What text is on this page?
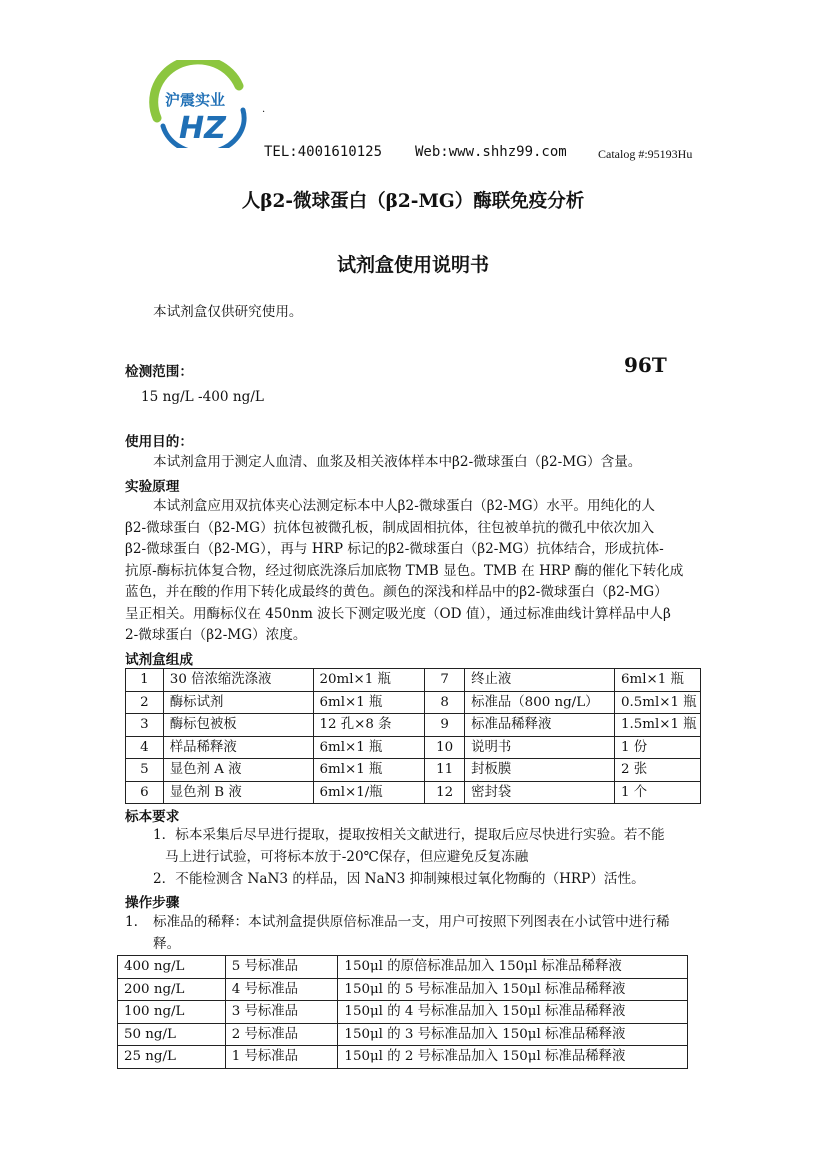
沪震实业
HZ
.
TEL:4001610125 Web:www.shhz99.com	Catalog #:95193Hu
人β2-微球蛋白（β2-MG）酶联免疫分析
试剂盒使用说明书
本试剂盒仅供研究使用。
检测范围：	96T
15 ng/L -400 ng/L
使用目的：
本试剂盒用于测定人血清、血浆及相关液体样本中β2-微球蛋白（β2-MG）含量。
实验原理
本试剂盒应用双抗体夹心法测定标本中人β2-微球蛋白（β2-MG）水平。用纯化的人
β2-微球蛋白（β2-MG）抗体包被微孔板，制成固相抗体，往包被单抗的微孔中依次加入
β2-微球蛋白（β2-MG），再与 HRP 标记的β2-微球蛋白（β2-MG）抗体结合，形成抗体-
抗原-酶标抗体复合物，经过彻底洗涤后加底物 TMB 显色。TMB 在 HRP 酶的催化下转化成
蓝色，并在酸的作用下转化成最终的黄色。颜色的深浅和样品中的β2-微球蛋白（β2-MG）
呈正相关。用酶标仪在 450nm 波长下测定吸光度（OD 值），通过标准曲线计算样品中人β
2-微球蛋白（β2-MG）浓度。
试剂盒组成
1	30 倍浓缩洗涤液	20ml×1 瓶	7	终止液	6ml×1 瓶
2	酶标试剂	6ml×1 瓶	8	标准品（800 ng/L）	0.5ml×1 瓶
3	酶标包被板	12 孔×8 条	9	标准品稀释液	1.5ml×1 瓶
4	样品稀释液	6ml×1 瓶	10	说明书	1 份
5	显色剂 A 液	6ml×1 瓶	11	封板膜	2 张
6	显色剂 B 液	6ml×1/瓶	12	密封袋	1 个
标本要求
1．标本采集后尽早进行提取，提取按相关文献进行，提取后应尽快进行实验。若不能
马上进行试验，可将标本放于-20℃保存，但应避免反复冻融
2．不能检测含 NaN3 的样品，因 NaN3 抑制辣根过氧化物酶的（HRP）活性。
操作步骤
1. 标准品的稀释：本试剂盒提供原倍标准品一支，用户可按照下列图表在小试管中进行稀
释。
400 ng/L	5 号标准品	150μl 的原倍标准品加入 150μl 标准品稀释液
200 ng/L	4 号标准品	150μl 的 5 号标准品加入 150μl 标准品稀释液
100 ng/L	3 号标准品	150μl 的 4 号标准品加入 150μl 标准品稀释液
50 ng/L	2 号标准品	150μl 的 3 号标准品加入 150μl 标准品稀释液
25 ng/L	1 号标准品	150μl 的 2 号标准品加入 150μl 标准品稀释液
